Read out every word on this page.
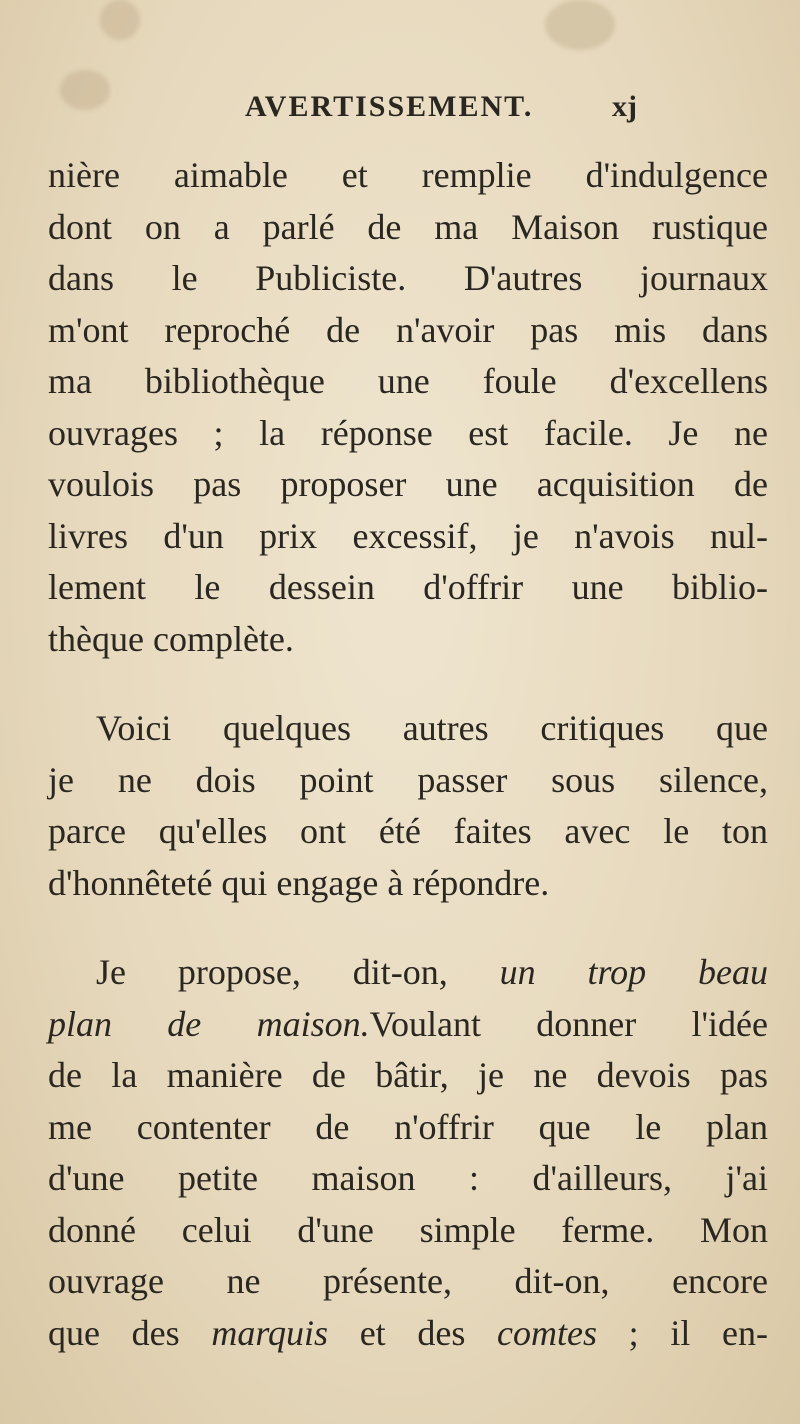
AVERTISSEMENT.	xj
nière aimable et remplie d'indulgence
dont on a parlé de ma Maison rustique
dans le Publiciste. D'autres journaux
m'ont reproché de n'avoir pas mis dans
ma bibliothèque une foule d'excellens
ouvrages ; la réponse est facile. Je ne
voulois pas proposer une acquisition de
livres d'un prix excessif, je n'avois nul-
lement le dessein d'offrir une biblio-
thèque complète.
Voici quelques autres critiques que
je ne dois point passer sous silence,
parce qu'elles ont été faites avec le ton
d'honnêteté qui engage à répondre.
Je propose, dit-on, un trop beau
plan de maison.Voulant donner l'idée
de la manière de bâtir, je ne devois pas
me contenter de n'offrir que le plan
d'une petite maison : d'ailleurs, j'ai
donné celui d'une simple ferme. Mon
ouvrage ne présente, dit-on, encore
que des marquis et des comtes ; il en-
